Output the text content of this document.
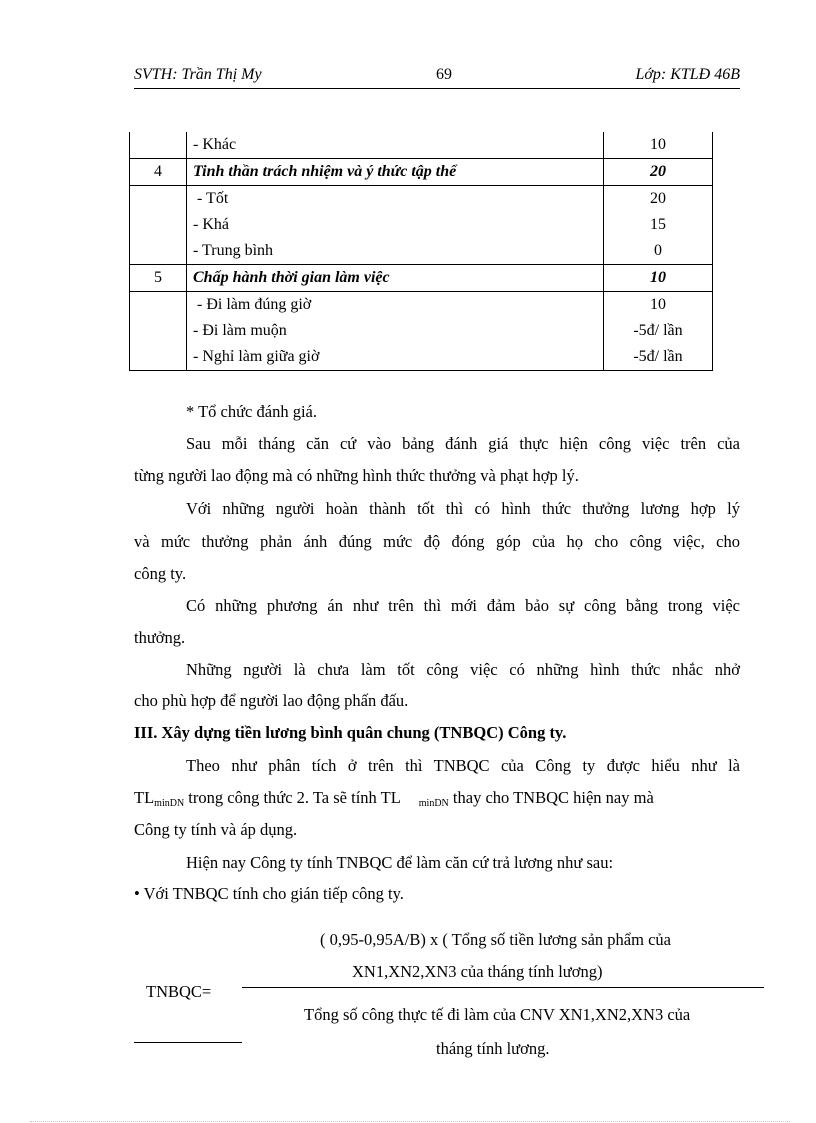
SVTH: Trần Thị My	69	Lớp: KTLĐ 46B
	- Khác	10
4	Tinh thần trách nhiệm và ý thức tập thể	20
	- Tốt	20
	- Khá	15
	- Trung bình	0
5	Chấp hành thời gian làm việc	10
	- Đi làm đúng giờ	10
	- Đi làm muộn	-5đ/ lần
	- Nghỉ làm giữa giờ	-5đ/ lần
* Tổ chức đánh giá.
Sau mỗi tháng căn cứ vào bảng đánh giá thực hiện công việc trên của
từng người lao động mà có những hình thức thưởng và phạt hợp lý.
Với những người hoàn thành tốt thì có hình thức thưởng lương hợp lý
và mức thưởng phản ánh đúng mức độ đóng góp của họ cho công việc, cho
công ty.
Có những phương án như trên thì mới đảm bảo sự công bằng trong việc
thưởng.
Những người là chưa làm tốt công việc có những hình thức nhắc nhở
cho phù hợp để người lao động phấn đấu.
III. Xây dựng tiền lương bình quân chung (TNBQC) Công ty.
Theo như phân tích ở trên thì TNBQC của Công ty được hiểu như là
$TL_{minDN}$ trong công thức 2. Ta sẽ tính TL $_{minDN}$ thay cho TNBQC hiện nay mà
Công ty tính và áp dụng.
Hiện nay Công ty tính TNBQC để làm căn cứ trả lương như sau:
• Với TNBQC tính cho gián tiếp công ty.
( 0,95-0,95A/B) x ( Tổng số tiền lương sản phẩm của
XN1,XN2,XN3 của tháng tính lương)
TNBQC=
Tổng số công thực tế đi làm của CNV XN1,XN2,XN3 của
tháng tính lương.
